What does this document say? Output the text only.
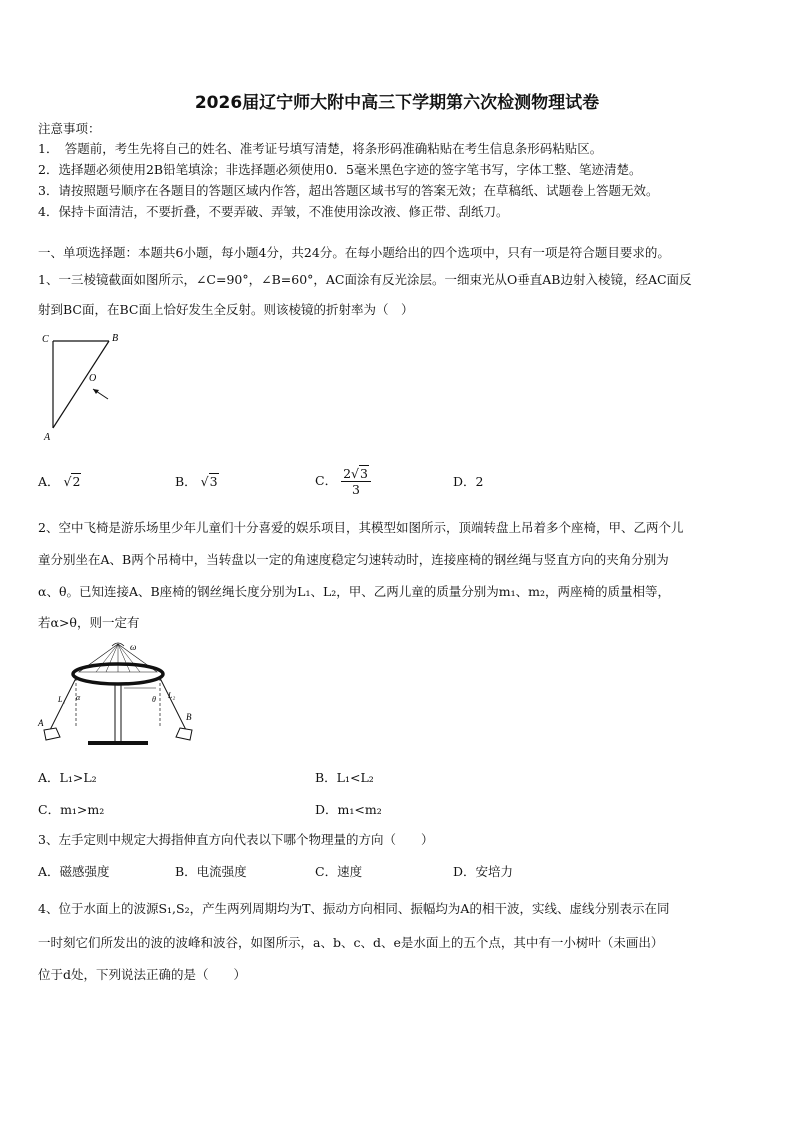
2026届辽宁师大附中高三下学期第六次检测物理试卷
注意事项：
1．　答题前，考生先将自己的姓名、准考证号填写清楚，将条形码准确粘贴在考生信息条形码粘贴区。
2．选择题必须使用2B铅笔填涂；非选择题必须使用0．5毫米黑色字迹的签字笔书写，字体工整、笔迹清楚。
3．请按照题号顺序在各题目的答题区域内作答，超出答题区域书写的答案无效；在草稿纸、试题卷上答题无效。
4．保持卡面清洁，不要折叠，不要弄破、弄皱，不准使用涂改液、修正带、刮纸刀。
一、单项选择题：本题共6小题，每小题4分，共24分。在每小题给出的四个选项中，只有一项是符合题目要求的。
1、一三棱镜截面如图所示，∠C=90°，∠B=60°，AC面涂有反光涂层。一细束光从O垂直AB边射入棱镜，经AC面反
射到BC面，在BC面上恰好发生全反射。则该棱镜的折射率为（　）
C	B
A
O
A． √2	B． √3	C． $\frac{2√3}{3}$	D．2
2、空中飞椅是游乐场里少年儿童们十分喜爱的娱乐项目，其模型如图所示，顶端转盘上吊着多个座椅，甲、乙两个儿
童分别坐在A、B两个吊椅中，当转盘以一定的角速度稳定匀速转动时，连接座椅的钢丝绳与竖直方向的夹角分别为
α、θ。已知连接A、B座椅的钢丝绳长度分别为L₁、L₂，甲、乙两儿童的质量分别为m₁、m₂，两座椅的质量相等，
若α>θ，则一定有
ω
L₁	L₂
α	θ
A
B
A．L₁>L₂	B．L₁<L₂
C．m₁>m₂	D．m₁<m₂
3、左手定则中规定大拇指伸直方向代表以下哪个物理量的方向（　　）
A．磁感强度	B．电流强度	C．速度	D．安培力
4、位于水面上的波源S₁,S₂，产生两列周期均为T、振动方向相同、振幅均为A的相干波，实线、虚线分别表示在同
一时刻它们所发出的波的波峰和波谷，如图所示，a、b、c、d、e是水面上的五个点，其中有一小树叶（未画出）
位于d处，下列说法正确的是（　　）
